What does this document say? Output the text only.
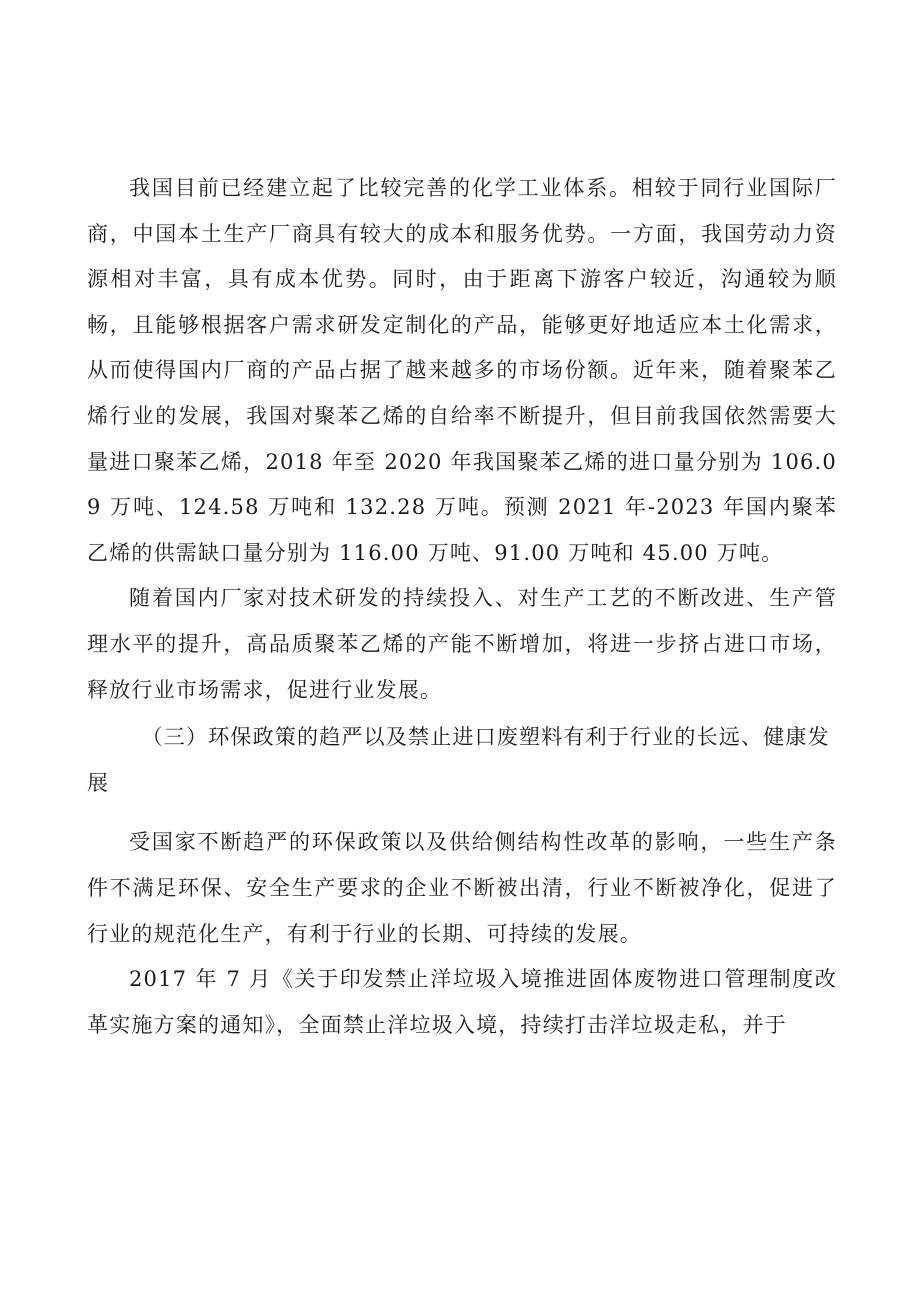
我国目前已经建立起了比较完善的化学工业体系。相较于同行业国际厂商，中国本土生产厂商具有较大的成本和服务优势。一方面，我国劳动力资源相对丰富，具有成本优势。同时，由于距离下游客户较近，沟通较为顺畅，且能够根据客户需求研发定制化的产品，能够更好地适应本土化需求，从而使得国内厂商的产品占据了越来越多的市场份额。近年来，随着聚苯乙烯行业的发展，我国对聚苯乙烯的自给率不断提升，但目前我国依然需要大量进口聚苯乙烯，2018 年至 2020 年我国聚苯乙烯的进口量分别为 106.09 万吨、124.58 万吨和 132.28 万吨。预测 2021 年-2023 年国内聚苯乙烯的供需缺口量分别为 116.00 万吨、91.00 万吨和 45.00 万吨。

随着国内厂家对技术研发的持续投入、对生产工艺的不断改进、生产管理水平的提升，高品质聚苯乙烯的产能不断增加，将进一步挤占进口市场，释放行业市场需求，促进行业发展。

（三）环保政策的趋严以及禁止进口废塑料有利于行业的长远、健康发展

受国家不断趋严的环保政策以及供给侧结构性改革的影响，一些生产条件不满足环保、安全生产要求的企业不断被出清，行业不断被净化，促进了行业的规范化生产，有利于行业的长期、可持续的发展。

2017 年 7 月《关于印发禁止洋垃圾入境推进固体废物进口管理制度改革实施方案的通知》，全面禁止洋垃圾入境，持续打击洋垃圾走私，并于
